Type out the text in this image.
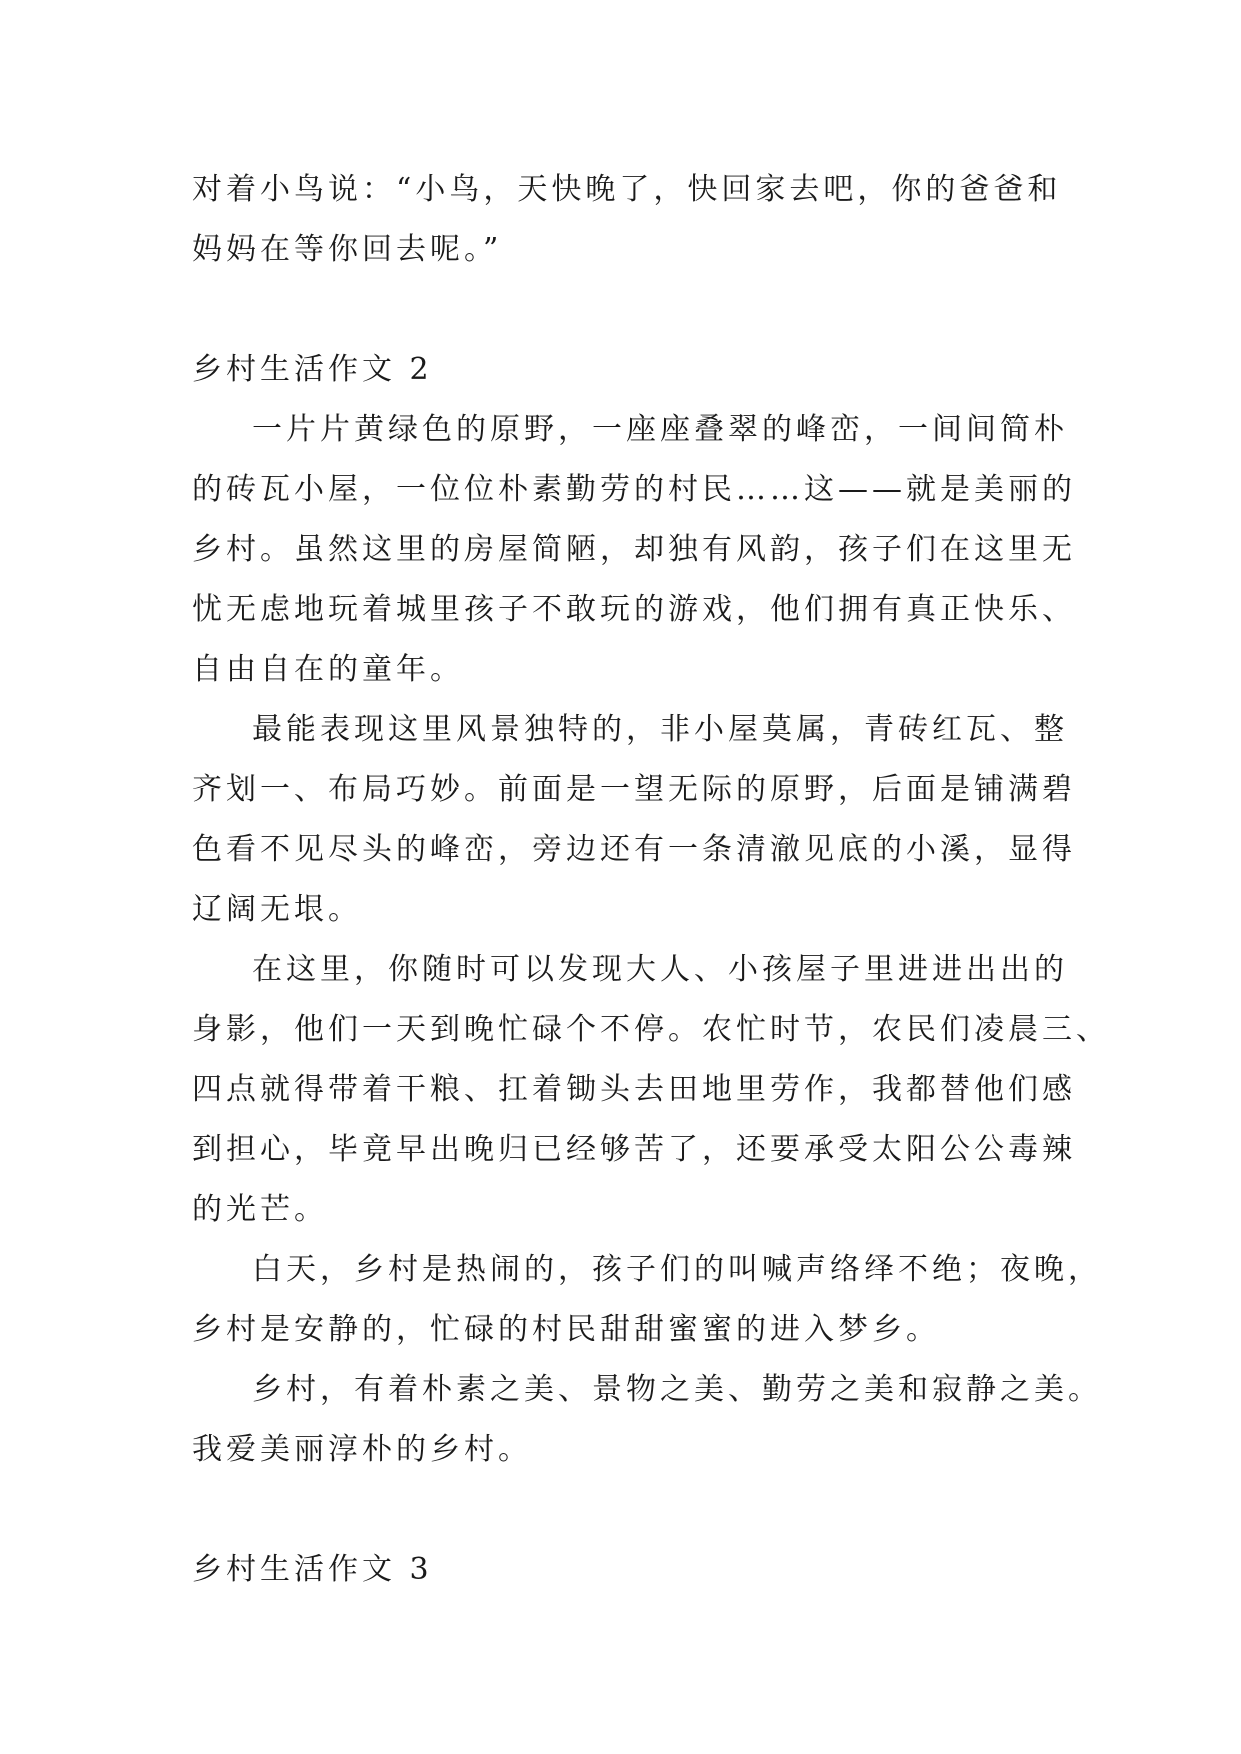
对着小鸟说：“小鸟，天快晚了，快回家去吧，你的爸爸和
妈妈在等你回去呢。”
乡村生活作文 2
一片片黄绿色的原野，一座座叠翠的峰峦，一间间简朴
的砖瓦小屋，一位位朴素勤劳的村民……这——就是美丽的
乡村。虽然这里的房屋简陋，却独有风韵，孩子们在这里无
忧无虑地玩着城里孩子不敢玩的游戏，他们拥有真正快乐、
自由自在的童年。
最能表现这里风景独特的，非小屋莫属，青砖红瓦、整
齐划一、布局巧妙。前面是一望无际的原野，后面是铺满碧
色看不见尽头的峰峦，旁边还有一条清澈见底的小溪，显得
辽阔无垠。
在这里，你随时可以发现大人、小孩屋子里进进出出的
身影，他们一天到晚忙碌个不停。农忙时节，农民们凌晨三、
四点就得带着干粮、扛着锄头去田地里劳作，我都替他们感
到担心，毕竟早出晚归已经够苦了，还要承受太阳公公毒辣
的光芒。
白天，乡村是热闹的，孩子们的叫喊声络绎不绝；夜晚，
乡村是安静的，忙碌的村民甜甜蜜蜜的进入梦乡。
乡村，有着朴素之美、景物之美、勤劳之美和寂静之美。
我爱美丽淳朴的乡村。
乡村生活作文 3
